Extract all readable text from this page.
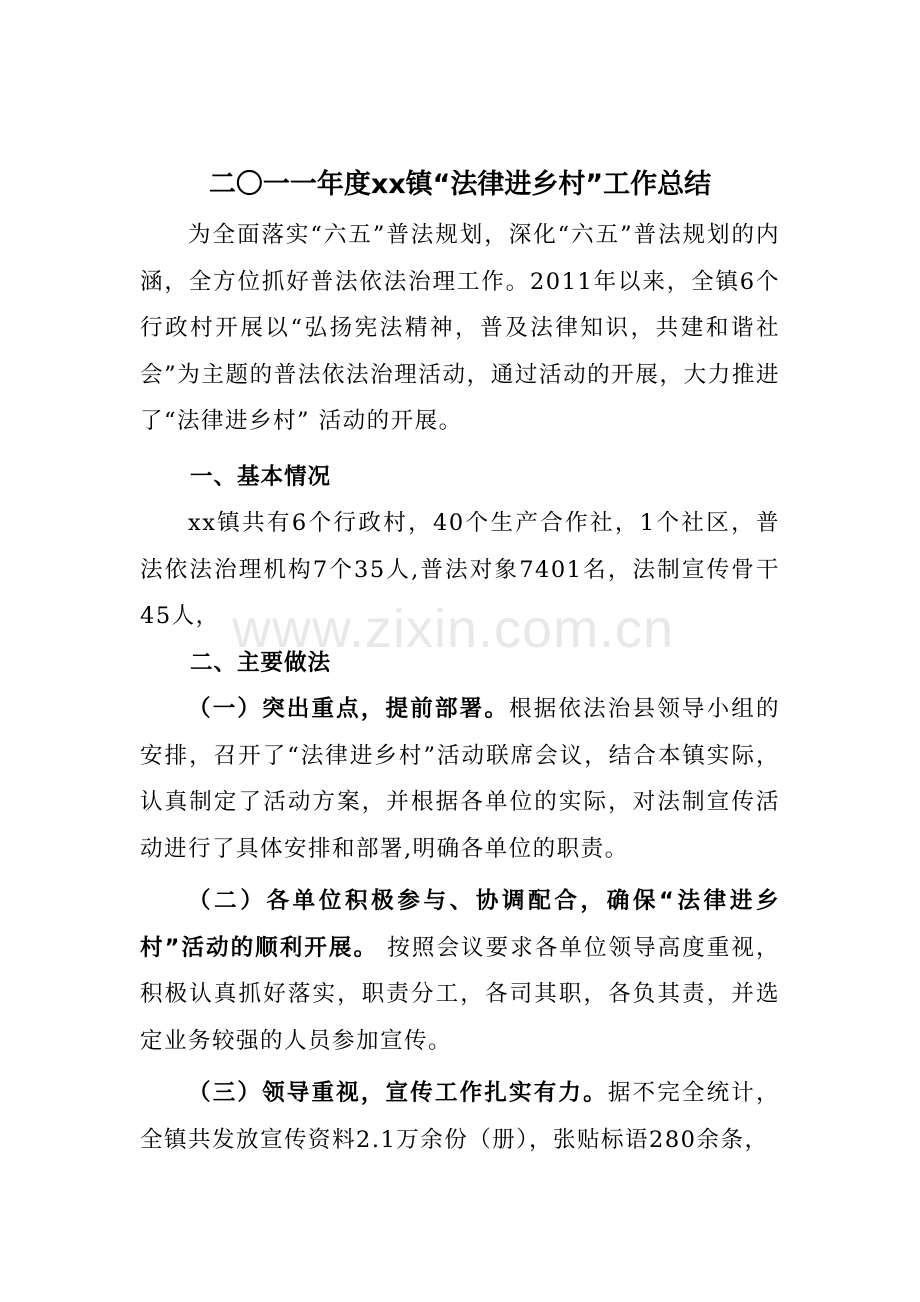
二〇一一年度xx镇“法律进乡村”工作总结

为全面落实“六五”普法规划，深化“六五”普法规划的内涵，全方位抓好普法依法治理工作。2011年以来，全镇6个行政村开展以“弘扬宪法精神，普及法律知识，共建和谐社会”为主题的普法依法治理活动，通过活动的开展，大力推进了“法律进乡村” 活动的开展。

一、基本情况

xx镇共有6个行政村，40个生产合作社，1个社区，普法依法治理机构7个35人,普法对象7401名，法制宣传骨干45人，

二、主要做法

（一）突出重点，提前部署。根据依法治县领导小组的安排，召开了“法律进乡村”活动联席会议，结合本镇实际，认真制定了活动方案，并根据各单位的实际，对法制宣传活动进行了具体安排和部署,明确各单位的职责。

（二）各单位积极参与、协调配合，确保“法律进乡村”活动的顺利开展。 按照会议要求各单位领导高度重视，积极认真抓好落实，职责分工，各司其职，各负其责，并选定业务较强的人员参加宣传。

（三）领导重视，宣传工作扎实有力。据不完全统计，全镇共发放宣传资料2.1万余份（册），张贴标语280余条，

www.zixin.com.cn
